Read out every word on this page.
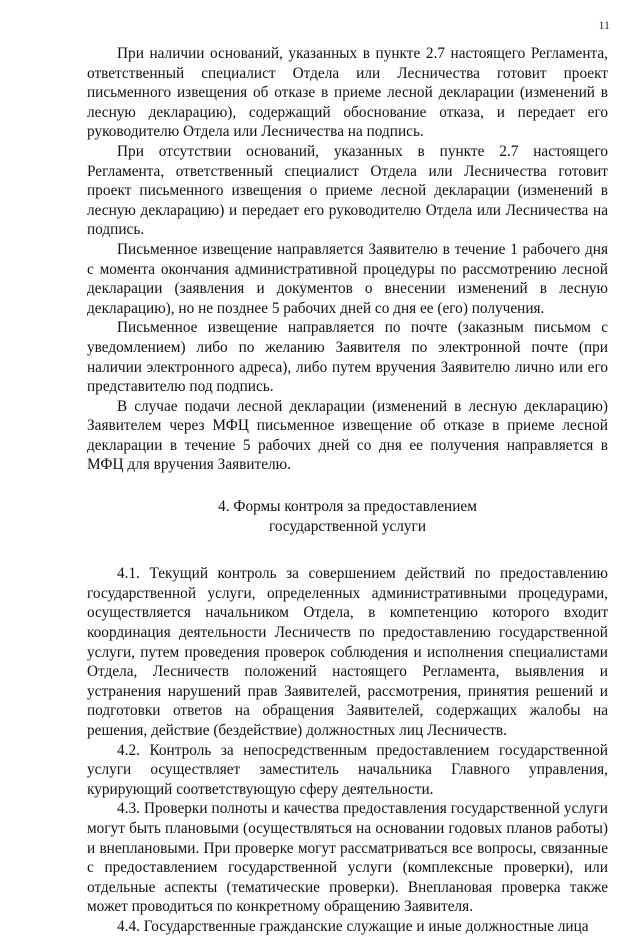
11

При наличии оснований, указанных в пункте 2.7 настоящего Регламента, ответственный специалист Отдела или Лесничества готовит проект письменного извещения об отказе в приеме лесной декларации (изменений в лесную декларацию), содержащий обоснование отказа, и передает его руководителю Отдела или Лесничества на подпись.

При отсутствии оснований, указанных в пункте 2.7 настоящего Регламента, ответственный специалист Отдела или Лесничества готовит проект письменного извещения о приеме лесной декларации (изменений в лесную декларацию) и передает его руководителю Отдела или Лесничества на подпись.

Письменное извещение направляется Заявителю в течение 1 рабочего дня с момента окончания административной процедуры по рассмотрению лесной декларации (заявления и документов о внесении изменений в лесную декларацию), но не позднее 5 рабочих дней со дня ее (его) получения.

Письменное извещение направляется по почте (заказным письмом с уведомлением) либо по желанию Заявителя по электронной почте (при наличии электронного адреса), либо путем вручения Заявителю лично или его представителю под подпись.

В случае подачи лесной декларации (изменений в лесную декларацию) Заявителем через МФЦ письменное извещение об отказе в приеме лесной декларации в течение 5 рабочих дней со дня ее получения направляется в МФЦ для вручения Заявителю.

4. Формы контроля за предоставлением
государственной услуги

4.1. Текущий контроль за совершением действий по предоставлению государственной услуги, определенных административными процедурами, осуществляется начальником Отдела, в компетенцию которого входит координация деятельности Лесничеств по предоставлению государственной услуги, путем проведения проверок соблюдения и исполнения специалистами Отдела, Лесничеств положений настоящего Регламента, выявления и устранения нарушений прав Заявителей, рассмотрения, принятия решений и подготовки ответов на обращения Заявителей, содержащих жалобы на решения, действие (бездействие) должностных лиц Лесничеств.

4.2. Контроль за непосредственным предоставлением государственной услуги осуществляет заместитель начальника Главного управления, курирующий соответствующую сферу деятельности.

4.3. Проверки полноты и качества предоставления государственной услуги могут быть плановыми (осуществляться на основании годовых планов работы) и внеплановыми. При проверке могут рассматриваться все вопросы, связанные с предоставлением государственной услуги (комплексные проверки), или отдельные аспекты (тематические проверки). Внеплановая проверка также может проводиться по конкретному обращению Заявителя.

4.4. Государственные гражданские служащие и иные должностные лица
